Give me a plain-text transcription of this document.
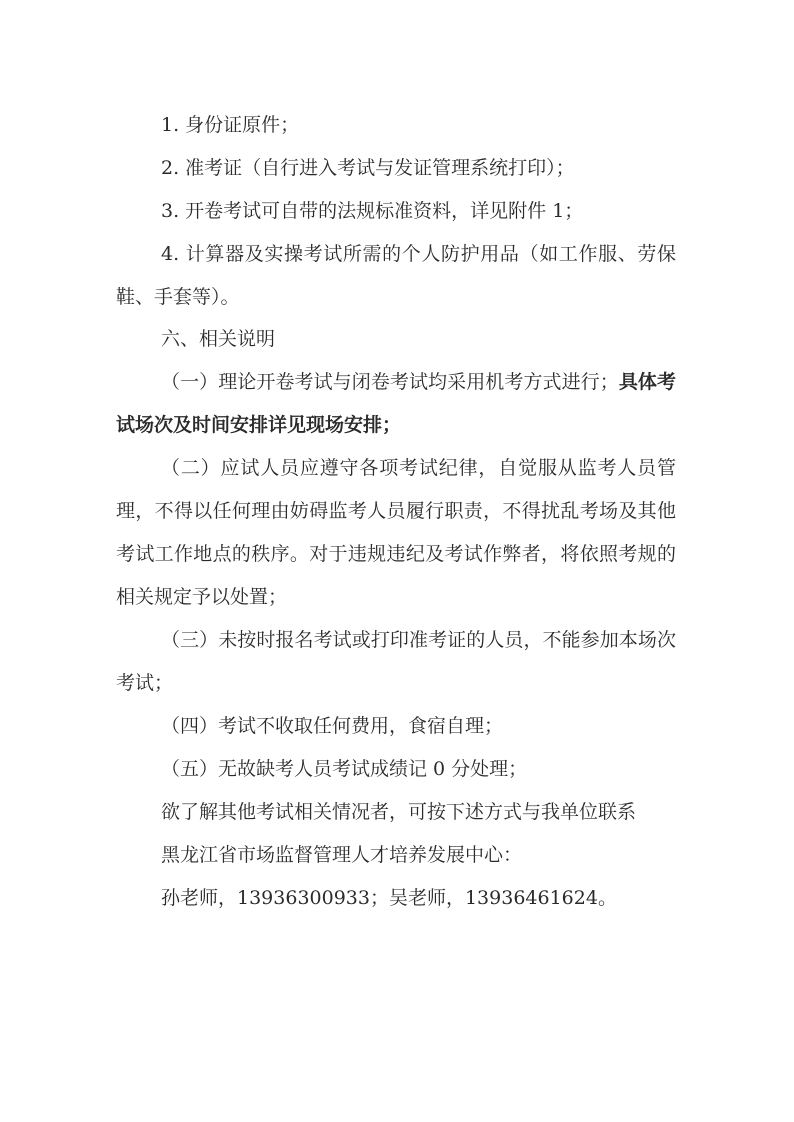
1. 身份证原件；

2. 准考证（自行进入考试与发证管理系统打印）；

3. 开卷考试可自带的法规标准资料，详见附件 1；

4. 计算器及实操考试所需的个人防护用品（如工作服、劳保鞋、手套等）。

六、相关说明

（一）理论开卷考试与闭卷考试均采用机考方式进行；具体考试场次及时间安排详见现场安排；

（二）应试人员应遵守各项考试纪律，自觉服从监考人员管理，不得以任何理由妨碍监考人员履行职责，不得扰乱考场及其他考试工作地点的秩序。对于违规违纪及考试作弊者，将依照考规的相关规定予以处置；

（三）未按时报名考试或打印准考证的人员，不能参加本场次考试；

（四）考试不收取任何费用，食宿自理；

（五）无故缺考人员考试成绩记 0 分处理；

欲了解其他考试相关情况者，可按下述方式与我单位联系

黑龙江省市场监督管理人才培养发展中心：

孙老师，13936300933；吴老师，13936461624。
